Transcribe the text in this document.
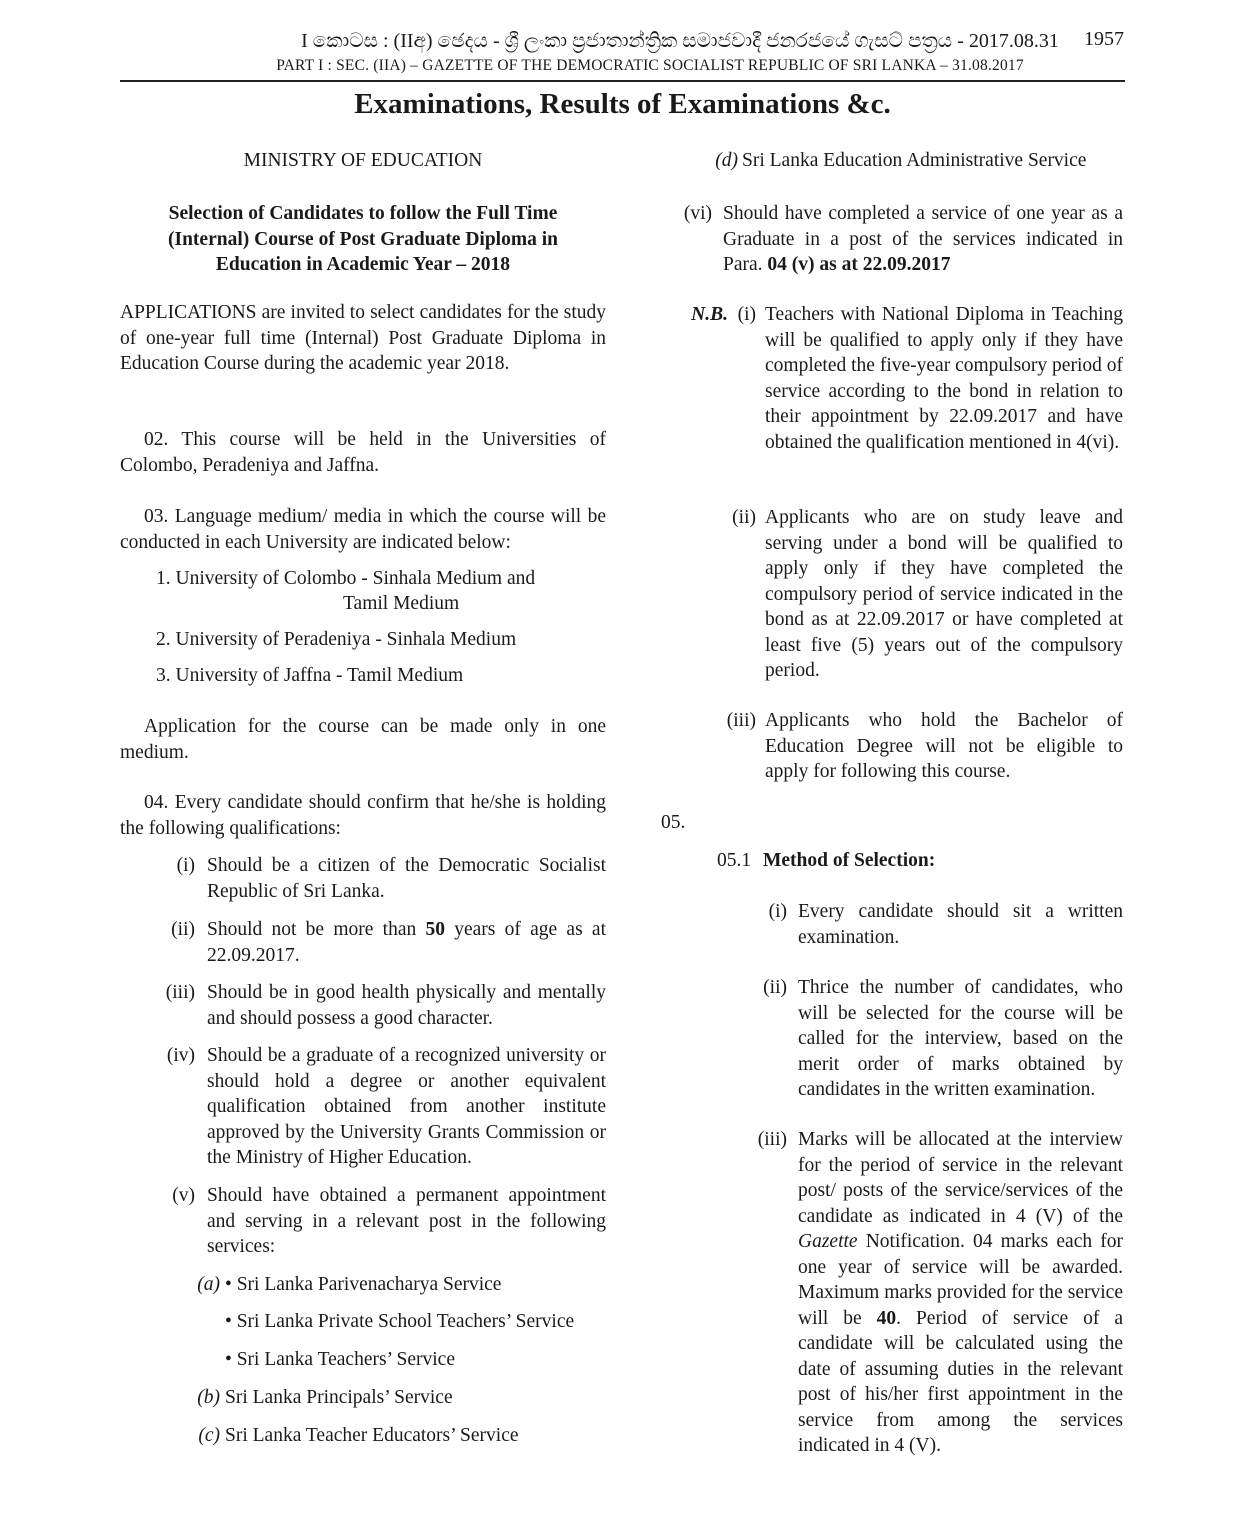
I කොටස : (IIඅ) ඡෙදය - ශ්‍රී ලංකා ප්‍රජාතාන්ත්‍රික සමාජවාදී ජනරජයේ ගැසට් පත්‍රය - 2017.08.31	1957
PART I : SEC. (IIA) – GAZETTE OF THE DEMOCRATIC SOCIALIST REPUBLIC OF SRI LANKA – 31.08.2017
Examinations, Results of Examinations &c.
MINISTRY OF EDUCATION
Selection of Candidates to follow the Full Time
(Internal) Course of Post Graduate Diploma in
Education in Academic Year – 2018
APPLICATIONS are invited to select candidates for the study of one-year full time (Internal) Post Graduate Diploma in Education Course during the academic year 2018.
02. This course will be held in the Universities of Colombo, Peradeniya and Jaffna.
03. Language medium/ media in which the course will be conducted in each University are indicated below:
1. University of Colombo - Sinhala Medium and
Tamil Medium
2. University of Peradeniya - Sinhala Medium
3. University of Jaffna - Tamil Medium
Application for the course can be made only in one medium.
04. Every candidate should confirm that he/she is holding the following qualifications:
(i) Should be a citizen of the Democratic Socialist Republic of Sri Lanka.
(ii) Should not be more than 50 years of age as at 22.09.2017.
(iii) Should be in good health physically and mentally and should possess a good character.
(iv) Should be a graduate of a recognized university or should hold a degree or another equivalent qualification obtained from another institute approved by the University Grants Commission or the Ministry of Higher Education.
(v) Should have obtained a permanent appointment and serving in a relevant post in the following services:
(a) • Sri Lanka Parivenacharya Service
• Sri Lanka Private School Teachers’ Service
• Sri Lanka Teachers’ Service
(b) Sri Lanka Principals’ Service
(c) Sri Lanka Teacher Educators’ Service
(d) Sri Lanka Education Administrative Service
(vi) Should have completed a service of one year as a Graduate in a post of the services indicated in Para. 04 (v) as at 22.09.2017
N.B. (i) Teachers with National Diploma in Teaching will be qualified to apply only if they have completed the five-year compulsory period of service according to the bond in relation to their appointment by 22.09.2017 and have obtained the qualification mentioned in 4(vi).
(ii) Applicants who are on study leave and serving under a bond will be qualified to apply only if they have completed the compulsory period of service indicated in the bond as at 22.09.2017 or have completed at least five (5) years out of the compulsory period.
(iii) Applicants who hold the Bachelor of Education Degree will not be eligible to apply for following this course.
05.
05.1 Method of Selection:
(i) Every candidate should sit a written examination.
(ii) Thrice the number of candidates, who will be selected for the course will be called for the interview, based on the merit order of marks obtained by candidates in the written examination.
(iii) Marks will be allocated at the interview for the period of service in the relevant post/ posts of the service/services of the candidate as indicated in 4 (V) of the Gazette Notification. 04 marks each for one year of service will be awarded. Maximum marks provided for the service will be 40. Period of service of a candidate will be calculated using the date of assuming duties in the relevant post of his/her first appointment in the service from among the services indicated in 4 (V).
